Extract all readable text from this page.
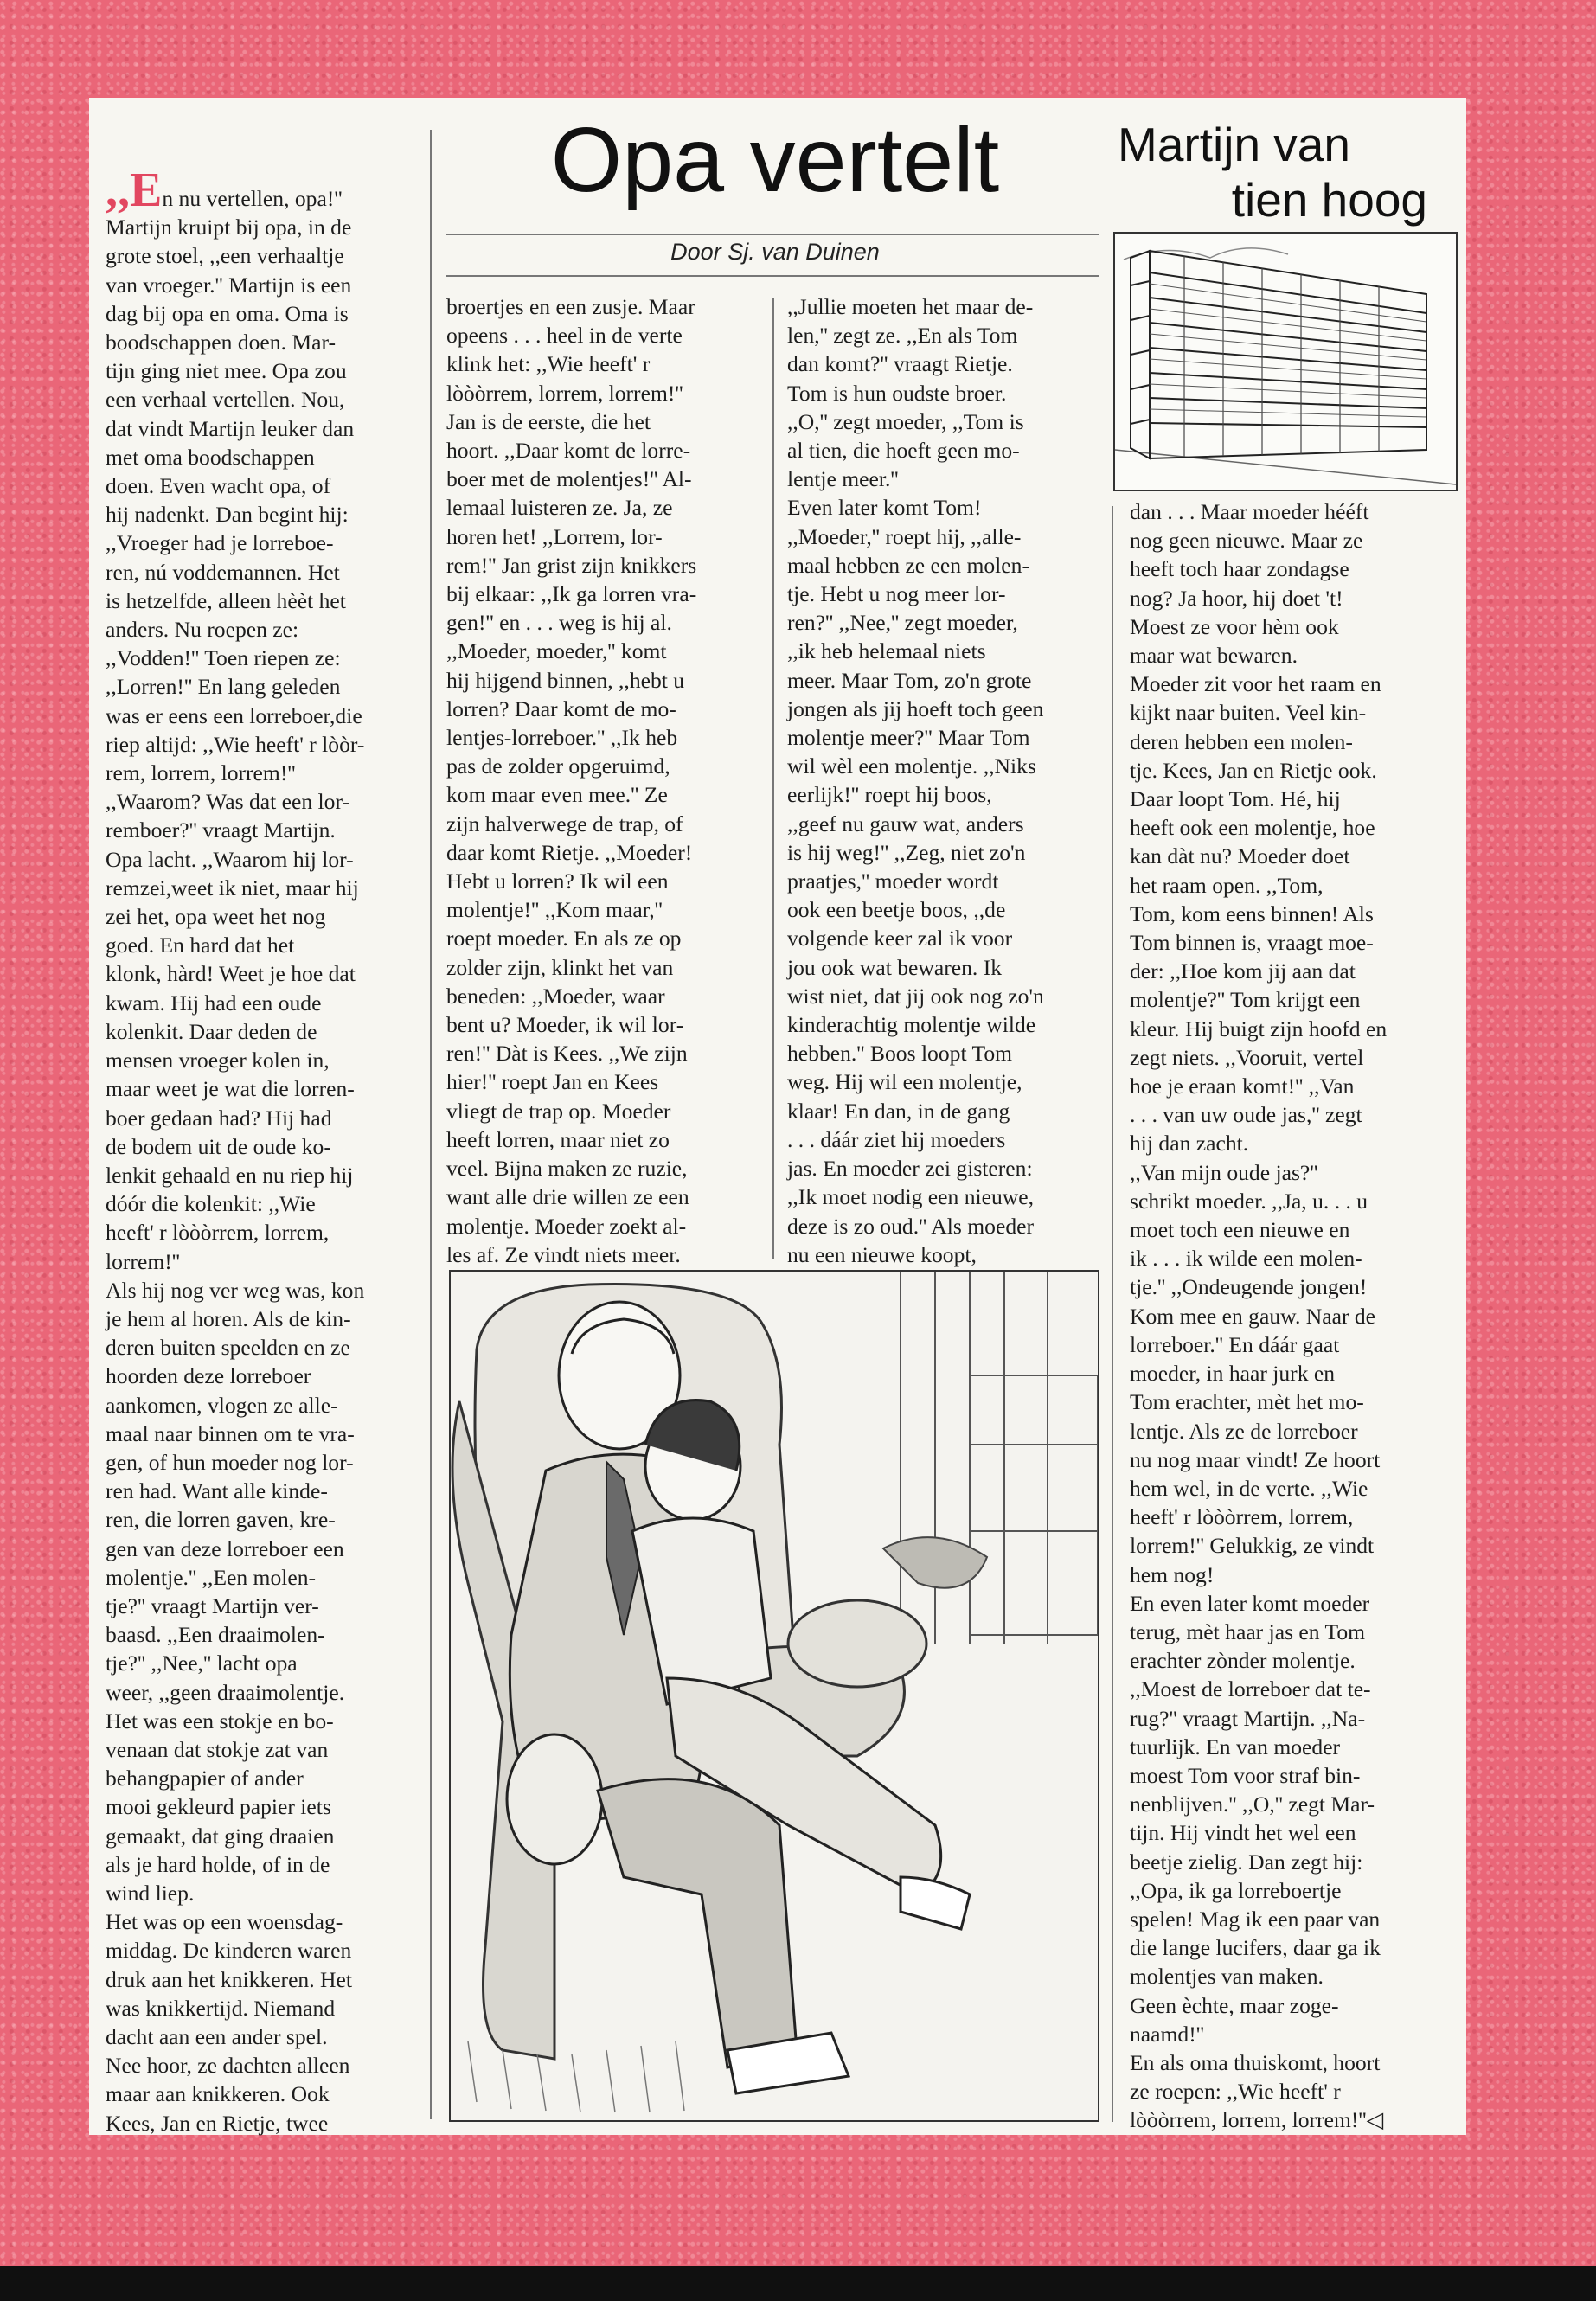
Opa vertelt
Door Sj. van Duinen
Martijn van
tien hoog
,,En nu vertellen, opa!''
Martijn kruipt bij opa, in de
grote stoel, ,,een verhaaltje
van vroeger.'' Martijn is een
dag bij opa en oma. Oma is
boodschappen doen. Mar-
tijn ging niet mee. Opa zou
een verhaal vertellen. Nou,
dat vindt Martijn leuker dan
met oma boodschappen
doen. Even wacht opa, of
hij nadenkt. Dan begint hij:
,,Vroeger had je lorreboe-
ren, nú voddemannen. Het
is hetzelfde, alleen hèèt het
anders. Nu roepen ze:
,,Vodden!'' Toen riepen ze:
,,Lorren!'' En lang geleden
was er eens een lorreboer,die
riep altijd: ,,Wie heeft' r lòòr-
rem, lorrem, lorrem!''
,,Waarom? Was dat een lor-
remboer?'' vraagt Martijn.
Opa lacht. ,,Waarom hij lor-
remzei,weet ik niet, maar hij
zei het, opa weet het nog
goed. En hard dat het
klonk, hàrd! Weet je hoe dat
kwam. Hij had een oude
kolenkit. Daar deden de
mensen vroeger kolen in,
maar weet je wat die lorren-
boer gedaan had? Hij had
de bodem uit de oude ko-
lenkit gehaald en nu riep hij
dóór die kolenkit: ,,Wie
heeft' r lòòòrrem, lorrem,
lorrem!''
Als hij nog ver weg was, kon
je hem al horen. Als de kin-
deren buiten speelden en ze
hoorden deze lorreboer
aankomen, vlogen ze alle-
maal naar binnen om te vra-
gen, of hun moeder nog lor-
ren had. Want alle kinde-
ren, die lorren gaven, kre-
gen van deze lorreboer een
molentje.'' ,,Een molen-
tje?'' vraagt Martijn ver-
baasd. ,,Een draaimolen-
tje?'' ,,Nee,'' lacht opa
weer, ,,geen draaimolentje.
Het was een stokje en bo-
venaan dat stokje zat van
behangpapier of ander
mooi gekleurd papier iets
gemaakt, dat ging draaien
als je hard holde, of in de
wind liep.
Het was op een woensdag-
middag. De kinderen waren
druk aan het knikkeren. Het
was knikkertijd. Niemand
dacht aan een ander spel.
Nee hoor, ze dachten alleen
maar aan knikkeren. Ook
Kees, Jan en Rietje, twee
broertjes en een zusje. Maar
opeens . . . heel in de verte
klink het: ,,Wie heeft' r
lòòòrrem, lorrem, lorrem!''
Jan is de eerste, die het
hoort. ,,Daar komt de lorre-
boer met de molentjes!'' Al-
lemaal luisteren ze. Ja, ze
horen het! ,,Lorrem, lor-
rem!'' Jan grist zijn knikkers
bij elkaar: ,,Ik ga lorren vra-
gen!'' en . . . weg is hij al.
,,Moeder, moeder,'' komt
hij hijgend binnen, ,,hebt u
lorren? Daar komt de mo-
lentjes-lorreboer.'' ,,Ik heb
pas de zolder opgeruimd,
kom maar even mee.'' Ze
zijn halverwege de trap, of
daar komt Rietje. ,,Moeder!
Hebt u lorren? Ik wil een
molentje!'' ,,Kom maar,''
roept moeder. En als ze op
zolder zijn, klinkt het van
beneden: ,,Moeder, waar
bent u? Moeder, ik wil lor-
ren!'' Dàt is Kees. ,,We zijn
hier!'' roept Jan en Kees
vliegt de trap op. Moeder
heeft lorren, maar niet zo
veel. Bijna maken ze ruzie,
want alle drie willen ze een
molentje. Moeder zoekt al-
les af. Ze vindt niets meer.
,,Jullie moeten het maar de-
len,'' zegt ze. ,,En als Tom
dan komt?'' vraagt Rietje.
Tom is hun oudste broer.
,,O,'' zegt moeder, ,,Tom is
al tien, die hoeft geen mo-
lentje meer.''
Even later komt Tom!
,,Moeder,'' roept hij, ,,alle-
maal hebben ze een molen-
tje. Hebt u nog meer lor-
ren?'' ,,Nee,'' zegt moeder,
,,ik heb helemaal niets
meer. Maar Tom, zo'n grote
jongen als jij hoeft toch geen
molentje meer?'' Maar Tom
wil wèl een molentje. ,,Niks
eerlijk!'' roept hij boos,
,,geef nu gauw wat, anders
is hij weg!'' ,,Zeg, niet zo'n
praatjes,'' moeder wordt
ook een beetje boos, ,,de
volgende keer zal ik voor
jou ook wat bewaren. Ik
wist niet, dat jij ook nog zo'n
kinderachtig molentje wilde
hebben.'' Boos loopt Tom
weg. Hij wil een molentje,
klaar! En dan, in de gang
. . . dáár ziet hij moeders
jas. En moeder zei gisteren:
,,Ik moet nodig een nieuwe,
deze is zo oud.'' Als moeder
nu een nieuwe koopt,
dan . . . Maar moeder hééft
nog geen nieuwe. Maar ze
heeft toch haar zondagse
nog? Ja hoor, hij doet 't!
Moest ze voor hèm ook
maar wat bewaren.
Moeder zit voor het raam en
kijkt naar buiten. Veel kin-
deren hebben een molen-
tje. Kees, Jan en Rietje ook.
Daar loopt Tom. Hé, hij
heeft ook een molentje, hoe
kan dàt nu? Moeder doet
het raam open. ,,Tom,
Tom, kom eens binnen! Als
Tom binnen is, vraagt moe-
der: ,,Hoe kom jij aan dat
molentje?'' Tom krijgt een
kleur. Hij buigt zijn hoofd en
zegt niets. ,,Vooruit, vertel
hoe je eraan komt!'' ,,Van
. . . van uw oude jas,'' zegt
hij dan zacht.
,,Van mijn oude jas?''
schrikt moeder. ,,Ja, u. . . u
moet toch een nieuwe en
ik . . . ik wilde een molen-
tje.'' ,,Ondeugende jongen!
Kom mee en gauw. Naar de
lorreboer.'' En dáár gaat
moeder, in haar jurk en
Tom erachter, mèt het mo-
lentje. Als ze de lorreboer
nu nog maar vindt! Ze hoort
hem wel, in de verte. ,,Wie
heeft' r lòòòrrem, lorrem,
lorrem!'' Gelukkig, ze vindt
hem nog!
En even later komt moeder
terug, mèt haar jas en Tom
erachter zònder molentje.
,,Moest de lorreboer dat te-
rug?'' vraagt Martijn. ,,Na-
tuurlijk. En van moeder
moest Tom voor straf bin-
nenblijven.'' ,,O,'' zegt Mar-
tijn. Hij vindt het wel een
beetje zielig. Dan zegt hij:
,,Opa, ik ga lorreboertje
spelen! Mag ik een paar van
die lange lucifers, daar ga ik
molentjes van maken.
Geen èchte, maar zoge-
naamd!''
En als oma thuiskomt, hoort
ze roepen: ,,Wie heeft' r
lòòòrrem, lorrem, lorrem!''◁
